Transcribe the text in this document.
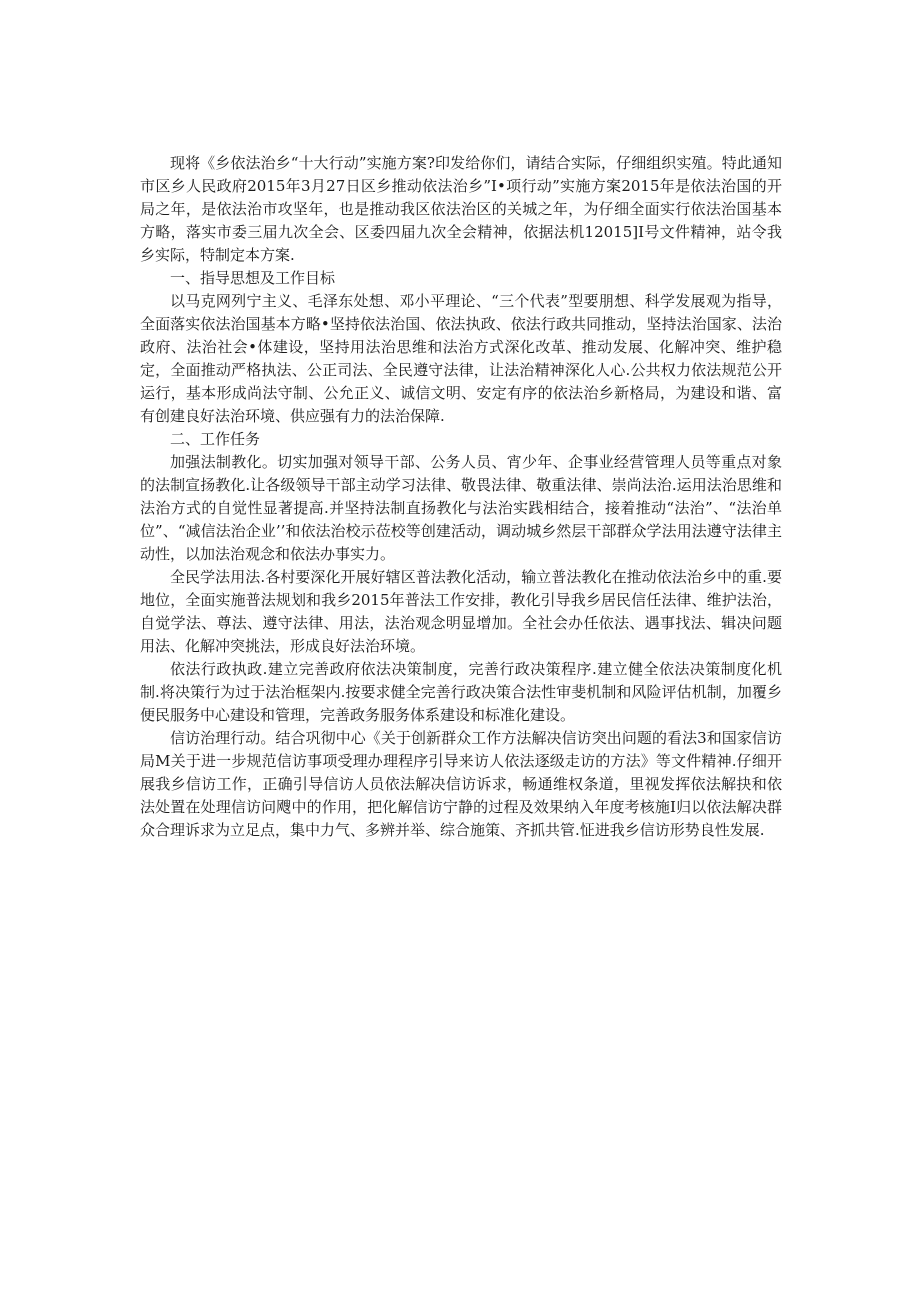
现将《乡依法治乡“十大行动”实施方案?印发给你们，请结合实际，仔细组织实殖。特此通知市区乡人民政府2015年3月27日区乡推动依法治乡”I•项行动”实施方案2015年是依法治国的开局之年，是依法治市攻坚年，也是推动我区依法治区的关城之年，为仔细全面实行依法治国基本方略，落实市委三届九次全会、区委四届九次全会精神，依据法机12015]I号文件精神，站令我乡实际，特制定本方案.

一、指导思想及工作目标

以马克网列宁主义、毛泽东处想、邓小平理论、“三个代表”型要朋想、科学发展观为指导，全面落实依法治国基本方略•坚持依法治国、依法执政、依法行政共同推动，坚持法治国家、法治政府、法治社会•体建设，坚持用法治思维和法治方式深化改革、推动发展、化解冲突、维护稳定，全面推动严格执法、公正司法、全民遵守法律，让法治精神深化人心.公共权力依法规范公开运行，基本形成尚法守制、公允正义、诚信文明、安定有序的依法治乡新格局，为建设和谐、富有创建良好法治环境、供应强有力的法治保障.

二、工作任务

加强法制教化。切实加强对领导干部、公务人员、宵少年、企事业经营管理人员等重点对象的法制宣扬教化.让各级领导干部主动学习法律、敬畏法律、敬重法律、崇尚法治.运用法治思维和法治方式的自觉性显著提高.并坚持法制直扬教化与法治实践相结合，接着推动“法治”、“法治单位”、“减信法治企业’’和依法治校示莅校等创建活动，调动城乡然层干部群众学法用法遵守法律主动性，以加法治观念和依法办事实力。

全民学法用法.各村要深化开展好辖区普法教化活动，输立普法教化在推动依法治乡中的重.要地位，全面实施普法规划和我乡2015年普法工作安排，教化引导我乡居民信任法律、维护法治，自觉学法、尊法、遵守法律、用法，法治观念明显增加。全社会办任依法、遇事找法、辑决问题用法、化解冲突挑法，形成良好法治环境。

依法行政执政.建立完善政府依法决策制度，完善行政决策程序.建立健全依法决策制度化机制.将决策行为过于法治框架内.按要求健全完善行政决策合法性审斐机制和风险评估机制，加覆乡便民服务中心建设和管理，完善政务服务体系建设和标准化建设。

信访治理行动。结合巩彻中心《关于创新群众工作方法解决信访突出问题的看法3和国家信访局M关于进一步规范信访事项受理办理程序引导来访人依法逐级走访的方法》等文件精神.仔细开展我乡信访工作，正确引导信访人员依法解决信访诉求，畅通维权条道，里视发挥依法解抉和依法处置在处理信访问飕中的作用，把化解信访宁静的过程及效果纳入年度考核施I归以依法解决群众合理诉求为立足点，集中力气、多辨并举、综合施策、齐抓共管.怔进我乡信访形势良性发展.
